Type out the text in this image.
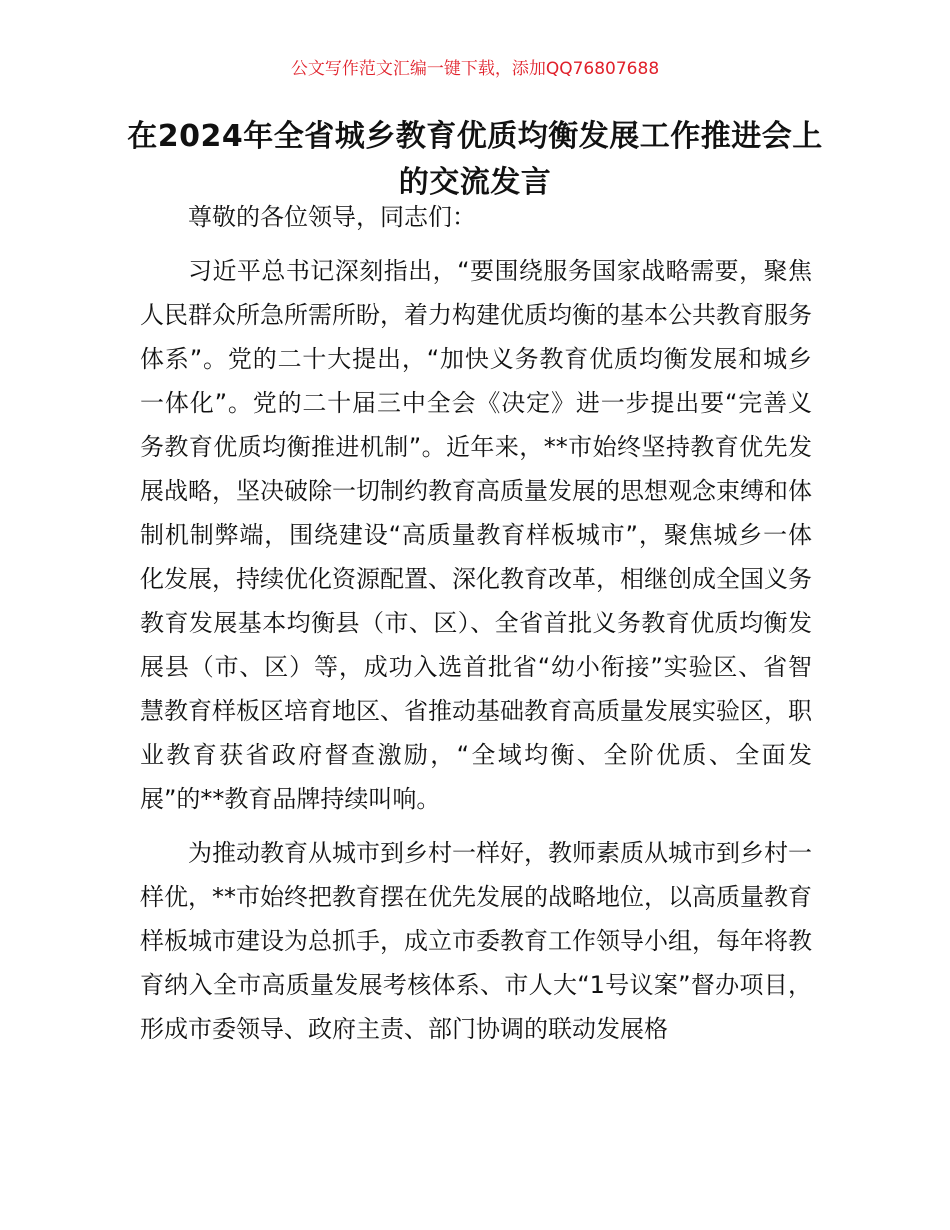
公文写作范文汇编一键下载，添加QQ76807688
在2024年全省城乡教育优质均衡发展工作推进会上的交流发言

尊敬的各位领导，同志们：

习近平总书记深刻指出，“要围绕服务国家战略需要，聚焦人民群众所急所需所盼，着力构建优质均衡的基本公共教育服务体系”。党的二十大提出，“加快义务教育优质均衡发展和城乡一体化”。党的二十届三中全会《决定》进一步提出要“完善义务教育优质均衡推进机制”。近年来，**市始终坚持教育优先发展战略，坚决破除一切制约教育高质量发展的思想观念束缚和体制机制弊端，围绕建设“高质量教育样板城市”，聚焦城乡一体化发展，持续优化资源配置、深化教育改革，相继创成全国义务教育发展基本均衡县（市、区）、全省首批义务教育优质均衡发展县（市、区）等，成功入选首批省“幼小衔接”实验区、省智慧教育样板区培育地区、省推动基础教育高质量发展实验区，职业教育获省政府督查激励，“全域均衡、全阶优质、全面发展”的**教育品牌持续叫响。

为推动教育从城市到乡村一样好，教师素质从城市到乡村一样优，**市始终把教育摆在优先发展的战略地位，以高质量教育样板城市建设为总抓手，成立市委教育工作领导小组，每年将教育纳入全市高质量发展考核体系、市人大“1号议案”督办项目，形成市委领导、政府主责、部门协调的联动发展格
